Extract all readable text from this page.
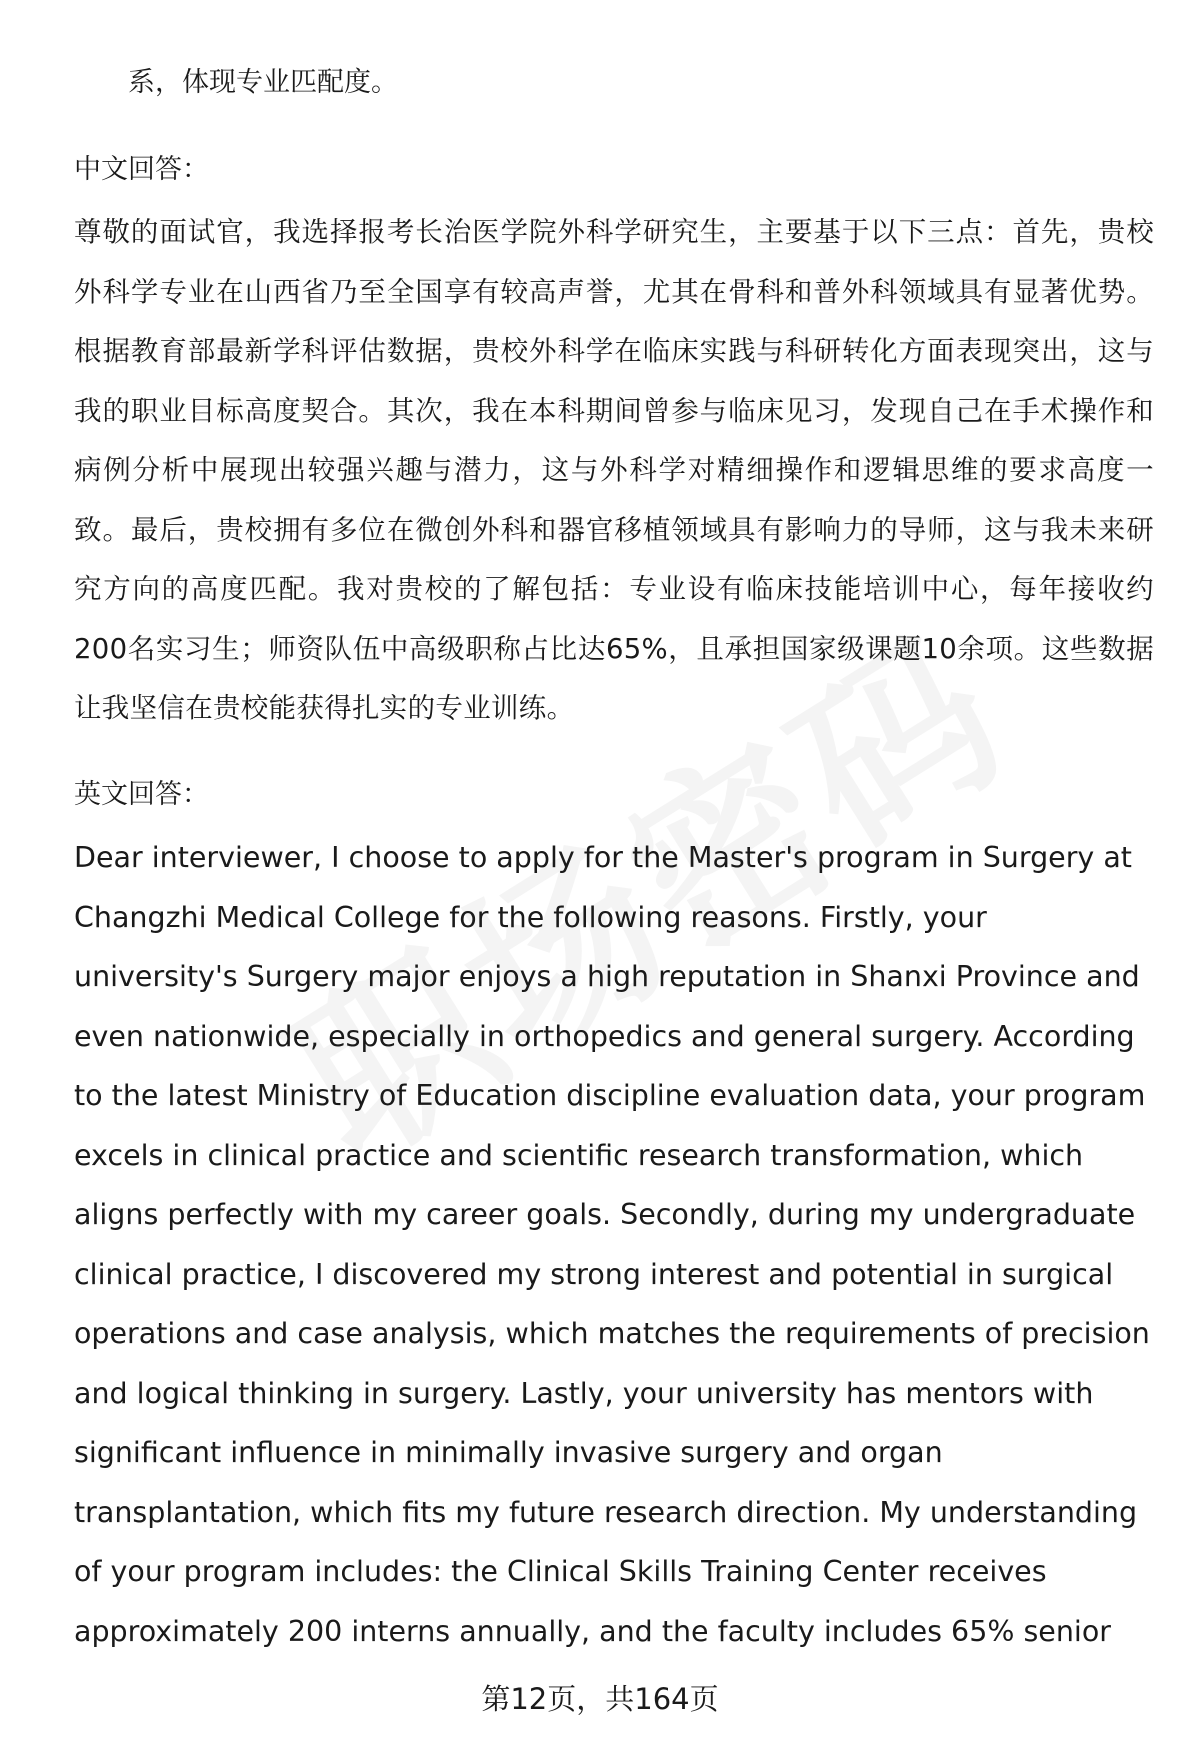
系，体现专业匹配度。

中文回答：

尊敬的面试官，我选择报考长治医学院外科学研究生，主要基于以下三点：首先，贵校外科学专业在山西省乃至全国享有较高声誉，尤其在骨科和普外科领域具有显著优势。根据教育部最新学科评估数据，贵校外科学在临床实践与科研转化方面表现突出，这与我的职业目标高度契合。其次，我在本科期间曾参与临床见习，发现自己在手术操作和病例分析中展现出较强兴趣与潜力，这与外科学对精细操作和逻辑思维的要求高度一致。最后，贵校拥有多位在微创外科和器官移植领域具有影响力的导师，这与我未来研究方向的高度匹配。我对贵校的了解包括：专业设有临床技能培训中心，每年接收约200名实习生；师资队伍中高级职称占比达65%，且承担国家级课题10余项。这些数据让我坚信在贵校能获得扎实的专业训练。

英文回答：

Dear interviewer, I choose to apply for the Master's program in Surgery at Changzhi Medical College for the following reasons. Firstly, your university's Surgery major enjoys a high reputation in Shanxi Province and even nationwide, especially in orthopedics and general surgery. According to the latest Ministry of Education discipline evaluation data, your program excels in clinical practice and scientific research transformation, which aligns perfectly with my career goals. Secondly, during my undergraduate clinical practice, I discovered my strong interest and potential in surgical operations and case analysis, which matches the requirements of precision and logical thinking in surgery. Lastly, your university has mentors with significant influence in minimally invasive surgery and organ transplantation, which fits my future research direction. My understanding of your program includes: the Clinical Skills Training Center receives approximately 200 interns annually, and the faculty includes 65% senior

第12页，共164页
